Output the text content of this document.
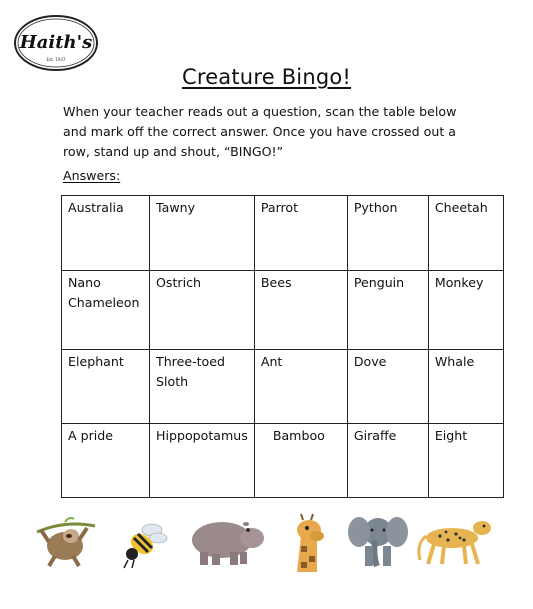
Haith's
Est. 1937
Creature Bingo!
When your teacher reads out a question, scan the table below and mark off the correct answer. Once you have crossed out a row, stand up and shout, “BINGO!”
Answers:
Australia	Tawny	Parrot	Python	Cheetah
Nano Chameleon	Ostrich	Bees	Penguin	Monkey
Elephant	Three-toed Sloth	Ant	Dove	Whale
A pride	Hippopotamus	Bamboo	Giraffe	Eight
